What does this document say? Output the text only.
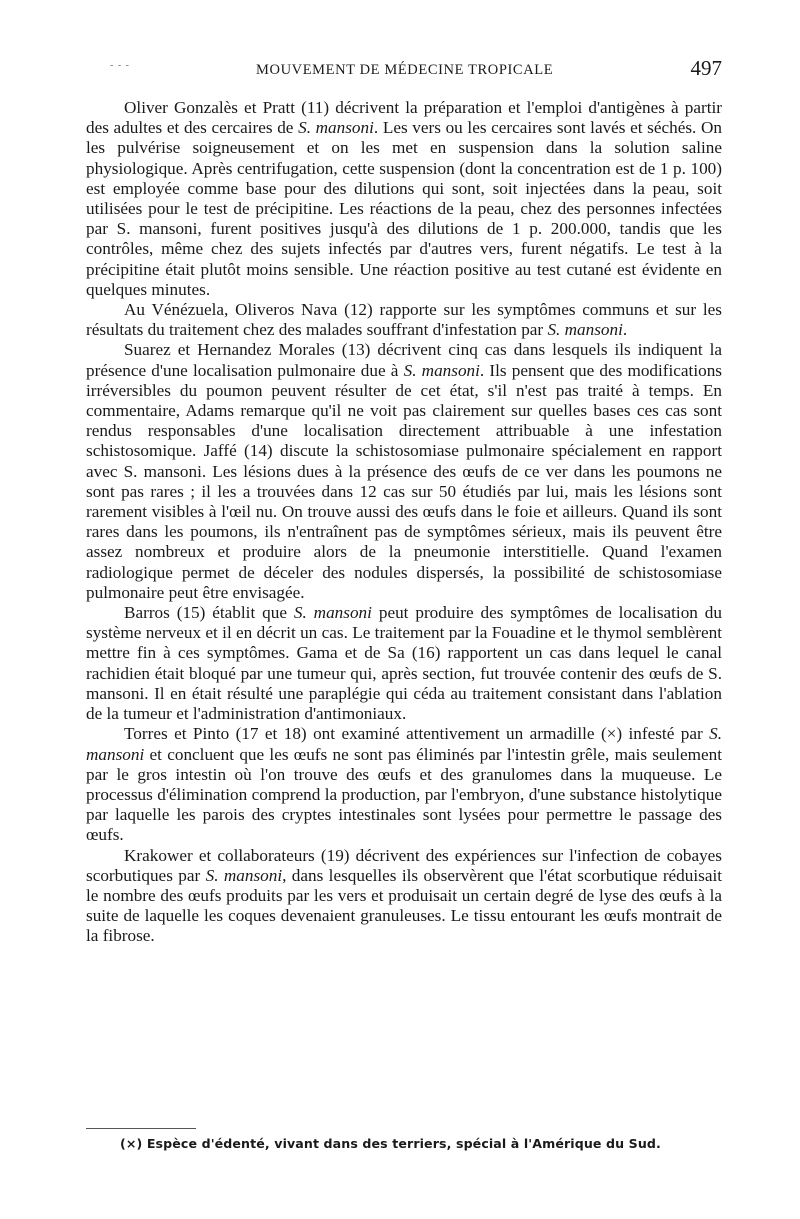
- - -	MOUVEMENT DE MÉDECINE TROPICALE	497

Oliver Gonzalès et Pratt (11) décrivent la préparation et l'emploi d'antigènes à partir des adultes et des cercaires de S. mansoni. Les vers ou les cercaires sont lavés et séchés. On les pulvérise soigneusement et on les met en suspension dans la solution saline physiologique. Après centrifugation, cette suspension (dont la concentration est de 1 p. 100) est employée comme base pour des dilutions qui sont, soit injectées dans la peau, soit utilisées pour le test de précipitine. Les réactions de la peau, chez des personnes infectées par S. mansoni, furent positives jusqu'à des dilutions de 1 p. 200.000, tandis que les contrôles, même chez des sujets infectés par d'autres vers, furent négatifs. Le test à la précipitine était plutôt moins sensible. Une réaction positive au test cutané est évidente en quelques minutes.

Au Vénézuela, Oliveros Nava (12) rapporte sur les symptômes communs et sur les résultats du traitement chez des malades souffrant d'infestation par S. mansoni.

Suarez et Hernandez Morales (13) décrivent cinq cas dans lesquels ils indiquent la présence d'une localisation pulmonaire due à S. mansoni. Ils pensent que des modifications irréversibles du poumon peuvent résulter de cet état, s'il n'est pas traité à temps. En commentaire, Adams remarque qu'il ne voit pas clairement sur quelles bases ces cas sont rendus responsables d'une localisation directement attribuable à une infestation schistosomique. Jaffé (14) discute la schistosomiase pulmonaire spécialement en rapport avec S. mansoni. Les lésions dues à la présence des œufs de ce ver dans les poumons ne sont pas rares ; il les a trouvées dans 12 cas sur 50 étudiés par lui, mais les lésions sont rarement visibles à l'œil nu. On trouve aussi des œufs dans le foie et ailleurs. Quand ils sont rares dans les poumons, ils n'entraînent pas de symptômes sérieux, mais ils peuvent être assez nombreux et produire alors de la pneumonie interstitielle. Quand l'examen radiologique permet de déceler des nodules dispersés, la possibilité de schistosomiase pulmonaire peut être envisagée.

Barros (15) établit que S. mansoni peut produire des symptômes de localisation du système nerveux et il en décrit un cas. Le traitement par la Fouadine et le thymol semblèrent mettre fin à ces symptômes. Gama et de Sa (16) rapportent un cas dans lequel le canal rachidien était bloqué par une tumeur qui, après section, fut trouvée contenir des œufs de S. mansoni. Il en était résulté une paraplégie qui céda au traitement consistant dans l'ablation de la tumeur et l'administration d'antimoniaux.

Torres et Pinto (17 et 18) ont examiné attentivement un armadille (×) infesté par S. mansoni et concluent que les œufs ne sont pas éliminés par l'intestin grêle, mais seulement par le gros intestin où l'on trouve des œufs et des granulomes dans la muqueuse. Le processus d'élimination comprend la production, par l'embryon, d'une substance histolytique par laquelle les parois des cryptes intestinales sont lysées pour permettre le passage des œufs.

Krakower et collaborateurs (19) décrivent des expériences sur l'infection de cobayes scorbutiques par S. mansoni, dans lesquelles ils observèrent que l'état scorbutique réduisait le nombre des œufs produits par les vers et produisait un certain degré de lyse des œufs à la suite de laquelle les coques devenaient granuleuses. Le tissu entourant les œufs montrait de la fibrose.

(×) Espèce d'édenté, vivant dans des terriers, spécial à l'Amérique du Sud.
